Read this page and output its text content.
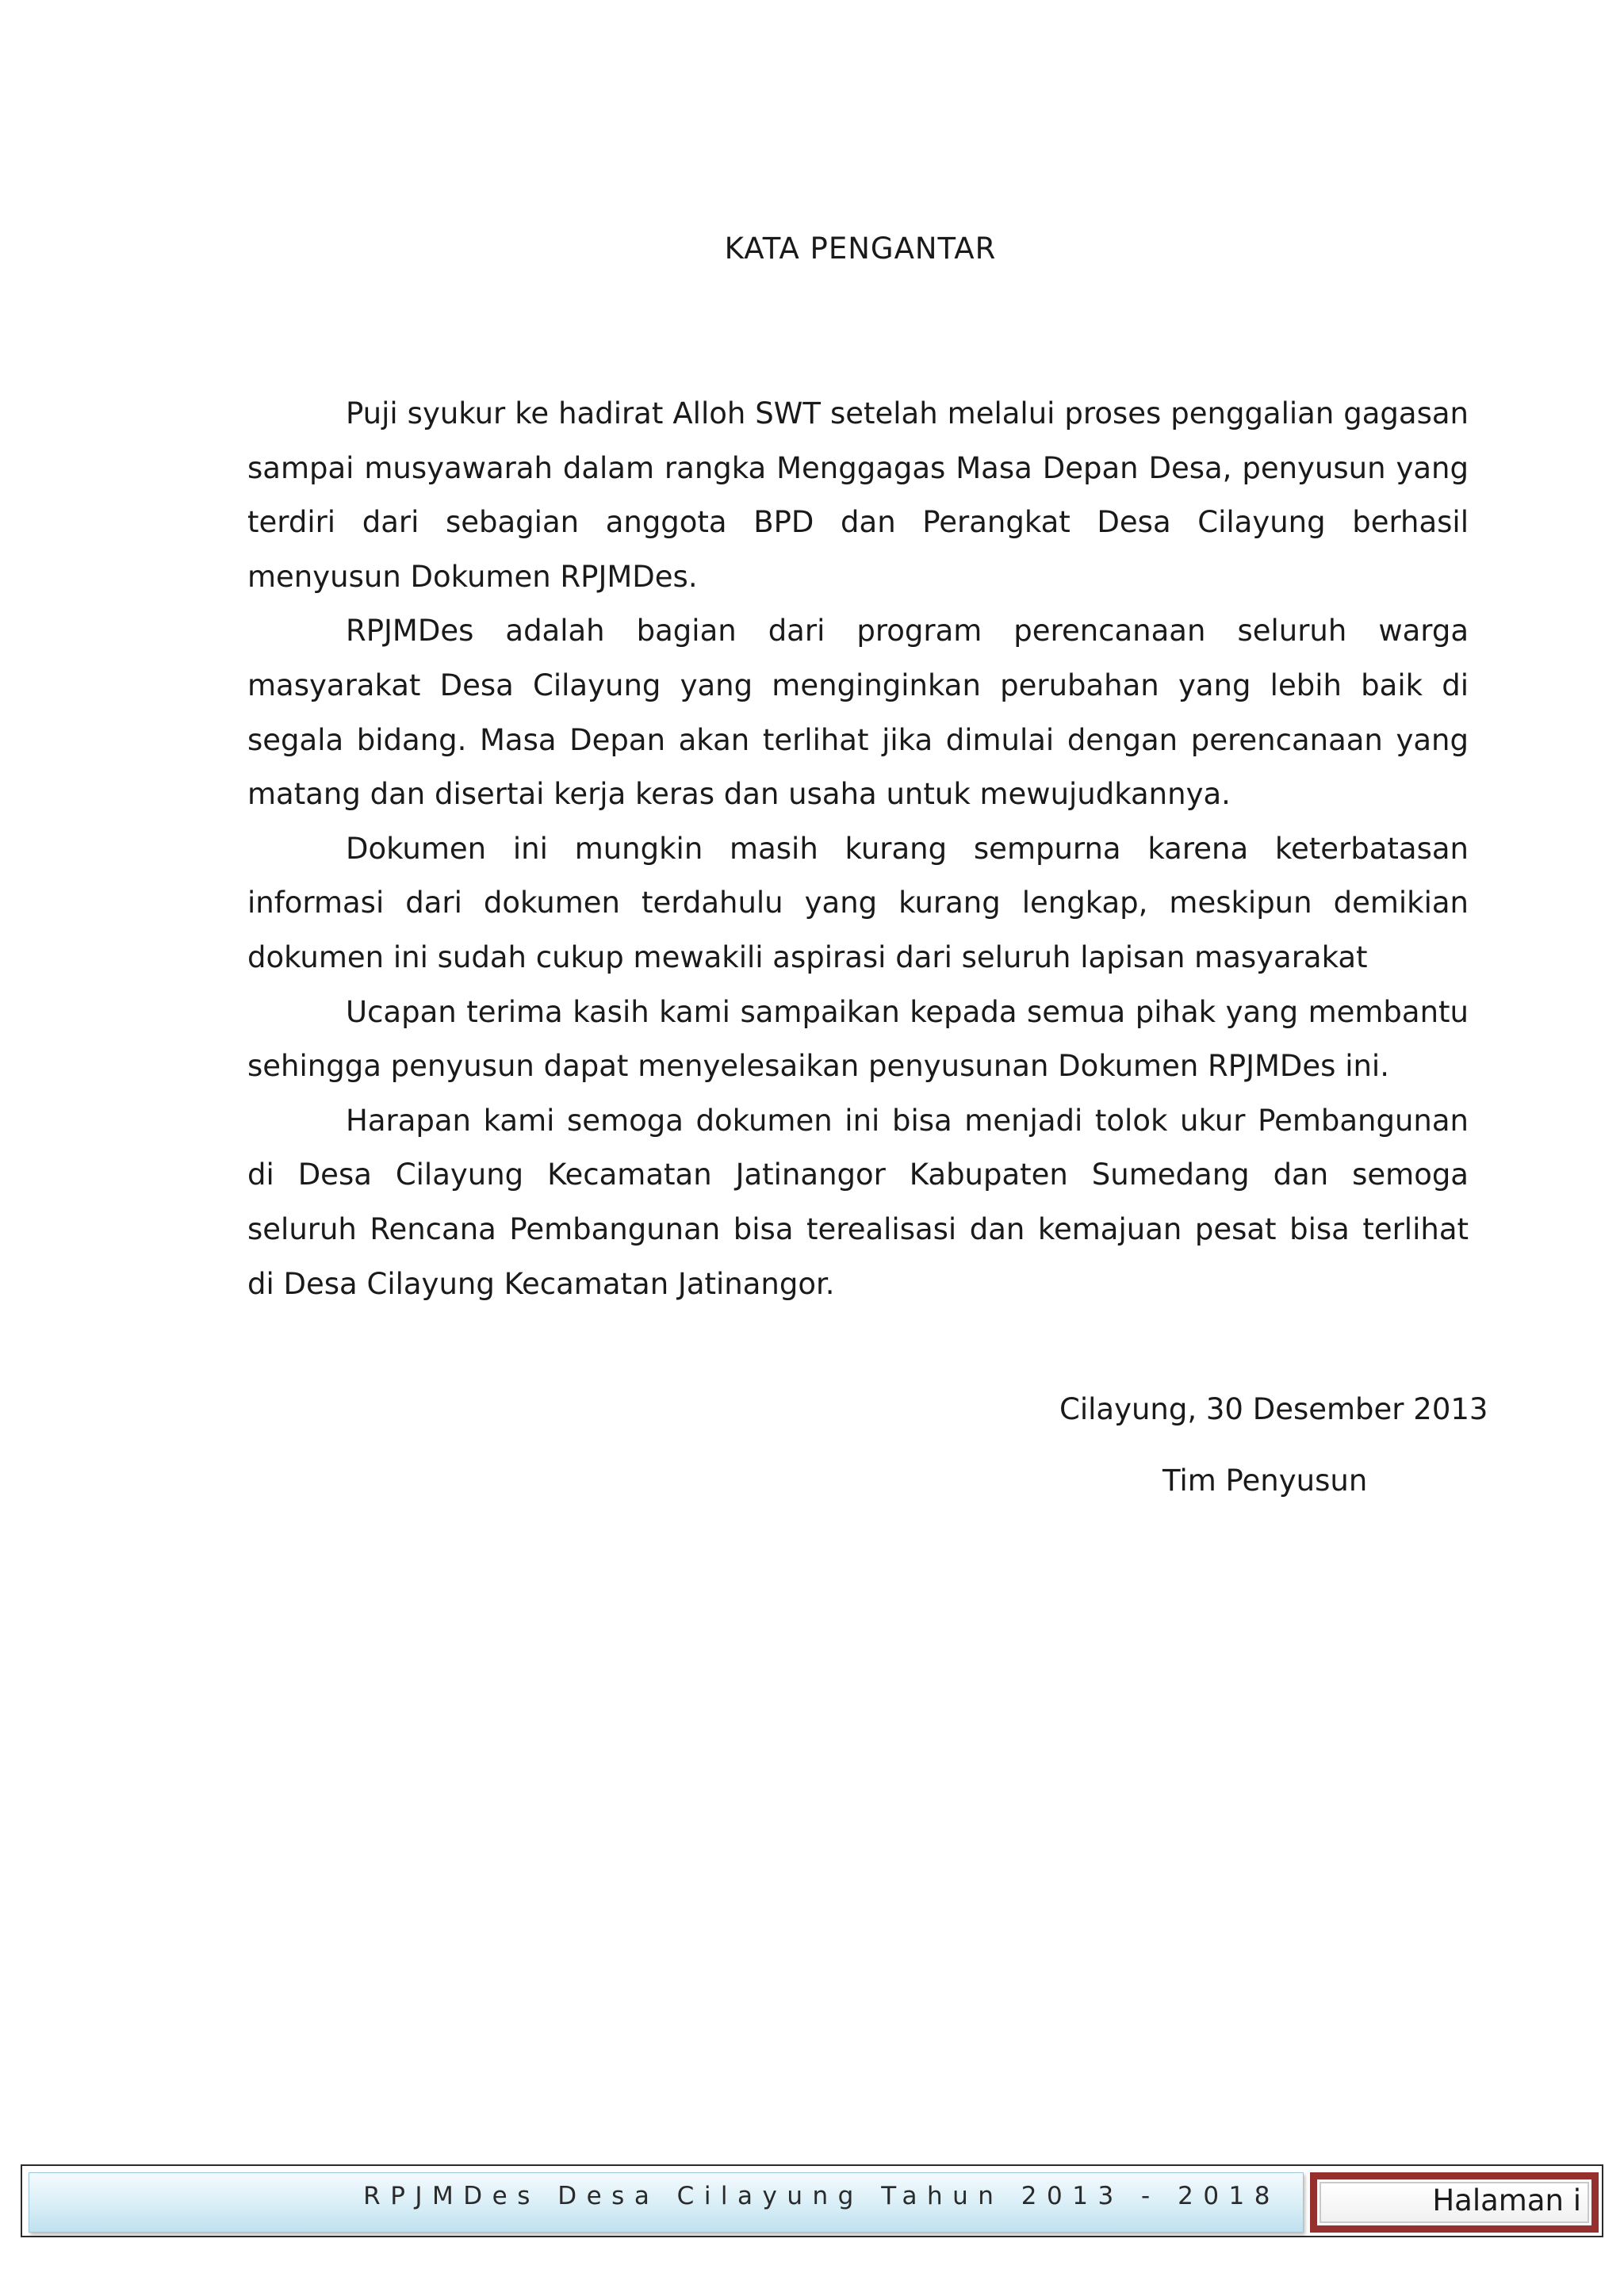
KATA PENGANTAR

Puji syukur ke hadirat Alloh SWT setelah melalui proses penggalian gagasan sampai musyawarah dalam rangka Menggagas Masa Depan Desa, penyusun yang terdiri dari sebagian anggota BPD dan Perangkat Desa Cilayung berhasil menyusun Dokumen RPJMDes.

RPJMDes adalah bagian dari program perencanaan seluruh warga masyarakat Desa Cilayung yang menginginkan perubahan yang lebih baik di segala bidang. Masa Depan akan terlihat jika dimulai dengan perencanaan yang matang dan disertai kerja keras dan usaha untuk mewujudkannya.

Dokumen ini mungkin masih kurang sempurna karena keterbatasan informasi dari dokumen terdahulu yang kurang lengkap, meskipun demikian dokumen ini sudah cukup mewakili aspirasi dari seluruh lapisan masyarakat

Ucapan terima kasih kami sampaikan kepada semua pihak yang membantu sehingga penyusun dapat menyelesaikan penyusunan Dokumen RPJMDes ini.

Harapan kami semoga dokumen ini bisa menjadi tolok ukur Pembangunan di Desa Cilayung Kecamatan Jatinangor Kabupaten Sumedang dan semoga seluruh Rencana Pembangunan bisa terealisasi dan kemajuan pesat bisa terlihat di Desa Cilayung Kecamatan Jatinangor.

Cilayung, 30 Desember 2013
Tim Penyusun
RPJMDes Desa Cilayung Tahun 2013 - 2018	Halaman i
